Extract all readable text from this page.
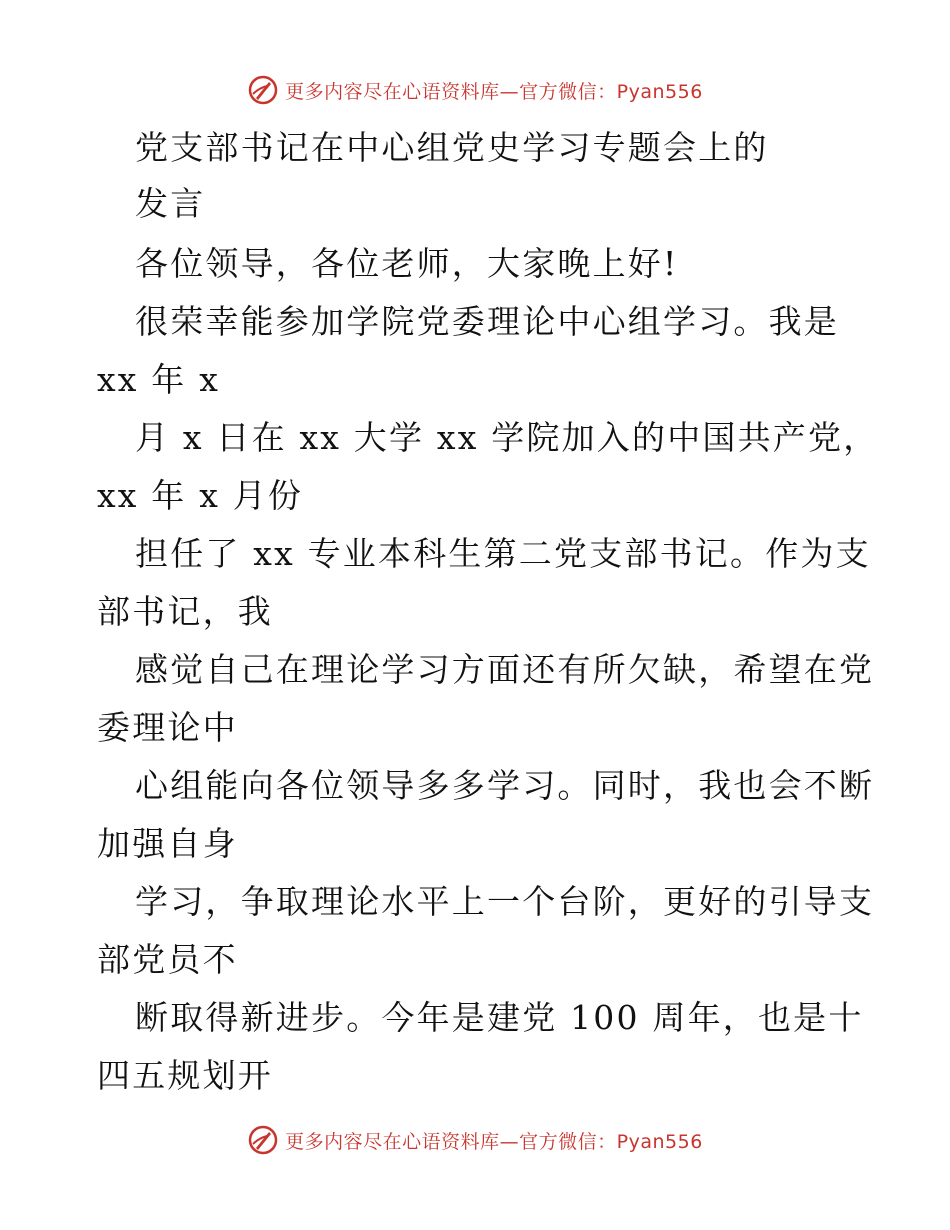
更多内容尽在心语资料库—官方微信：Pyan556
党支部书记在中心组党史学习专题会上的
发言
各位领导，各位老师，大家晚上好!
很荣幸能参加学院党委理论中心组学习。我是
xx 年 x
月 x 日在 xx 大学 xx 学院加入的中国共产党，
xx 年 x 月份
担任了 xx 专业本科生第二党支部书记。作为支
部书记，我
感觉自己在理论学习方面还有所欠缺，希望在党
委理论中
心组能向各位领导多多学习。同时，我也会不断
加强自身
学习，争取理论水平上一个台阶，更好的引导支
部党员不
断取得新进步。今年是建党 100 周年，也是十
四五规划开
更多内容尽在心语资料库—官方微信：Pyan556
